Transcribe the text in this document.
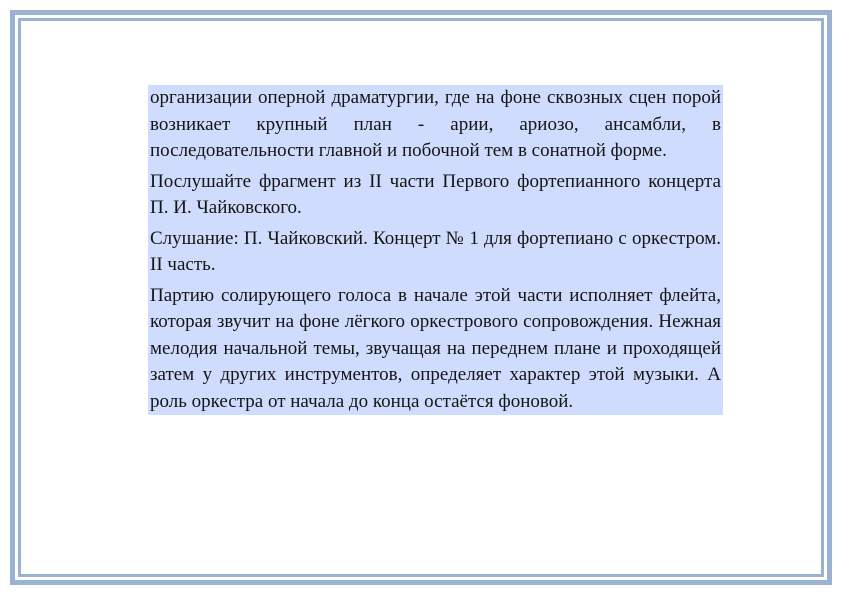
организации оперной драматургии, где на фоне сквозных сцен порой возникает крупный план - арии, ариозо, ансамбли, в последовательности главной и побочной тем в сонатной форме.

Послушайте фрагмент из II части Первого фортепианного концерта П. И. Чайковского.

Слушание: П. Чайковский. Концерт № 1 для фортепиано с оркестром. II часть.

Партию солирующего голоса в начале этой части исполняет флейта, которая звучит на фоне лёгкого оркестрового сопровождения. Нежная мелодия начальной темы, звучащая на переднем плане и проходящей затем у других инструментов, определяет характер этой музыки. А роль оркестра от начала до конца остаётся фоновой.
